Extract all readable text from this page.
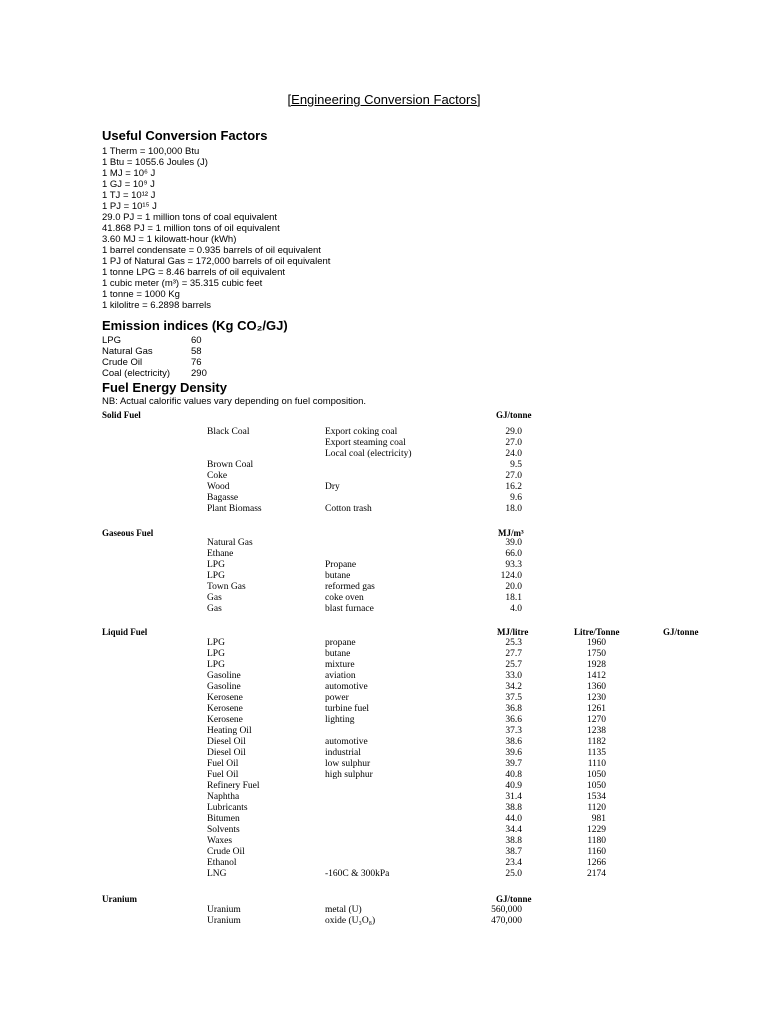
[Engineering Conversion Factors]
Useful Conversion Factors
1 Therm = 100,000 Btu
1 Btu = 1055.6 Joules (J)
1 MJ = 10⁶ J
1 GJ = 10⁹ J
1 TJ = 10¹² J
1 PJ = 10¹⁵ J
29.0 PJ = 1 million tons of coal equivalent
41.868 PJ = 1 million tons of oil equivalent
3.60 MJ = 1 kilowatt-hour (kWh)
1 barrel condensate = 0.935 barrels of oil equivalent
1 PJ of Natural Gas = 172,000 barrels of oil equivalent
1 tonne LPG = 8.46 barrels of oil equivalent
1 cubic meter (m³) = 35.315 cubic feet
1 tonne = 1000 Kg
1 kilolitre = 6.2898 barrels
Emission indices (Kg CO₂/GJ)
LPG	60
Natural Gas	58
Crude Oil	76
Coal (electricity) 290
Fuel Energy Density
NB: Actual calorific values vary depending on fuel composition.
Solid Fuel	GJ/tonne
Black Coal	Export coking coal	29.0
Export steaming coal	27.0
Local coal (electricity)	24.0
Brown Coal	9.5
Coke	27.0
Wood	Dry	16.2
Bagasse	9.6
Plant Biomass	Cotton trash	18.0
Gaseous Fuel	MJ/m³
Natural Gas	39.0
Ethane	66.0
LPG	Propane	93.3
LPG	butane	124.0
Town Gas	reformed gas	20.0
Gas	coke oven	18.1
Gas	blast furnace	4.0
Liquid Fuel	MJ/litre	Litre/Tonne	GJ/tonne
LPG	propane	25.3	1960
LPG	butane	27.7	1750
LPG	mixture	25.7	1928
Gasoline	aviation	33.0	1412
Gasoline	automotive	34.2	1360
Kerosene	power	37.5	1230
Kerosene	turbine fuel	36.8	1261
Kerosene	lighting	36.6	1270
Heating Oil	37.3	1238
Diesel Oil	automotive	38.6	1182
Diesel Oil	industrial	39.6	1135
Fuel Oil	low sulphur	39.7	1110
Fuel Oil	high sulphur	40.8	1050
Refinery Fuel	40.9	1050
Naphtha	31.4	1534
Lubricants	38.8	1120
Bitumen	44.0	981
Solvents	34.4	1229
Waxes	38.8	1180
Crude Oil	38.7	1160
Ethanol	23.4	1266
LNG	-160C & 300kPa	25.0	2174
Uranium	GJ/tonne
Uranium	metal (U)	560,000
Uranium	oxide (U₃O₈)	470,000
